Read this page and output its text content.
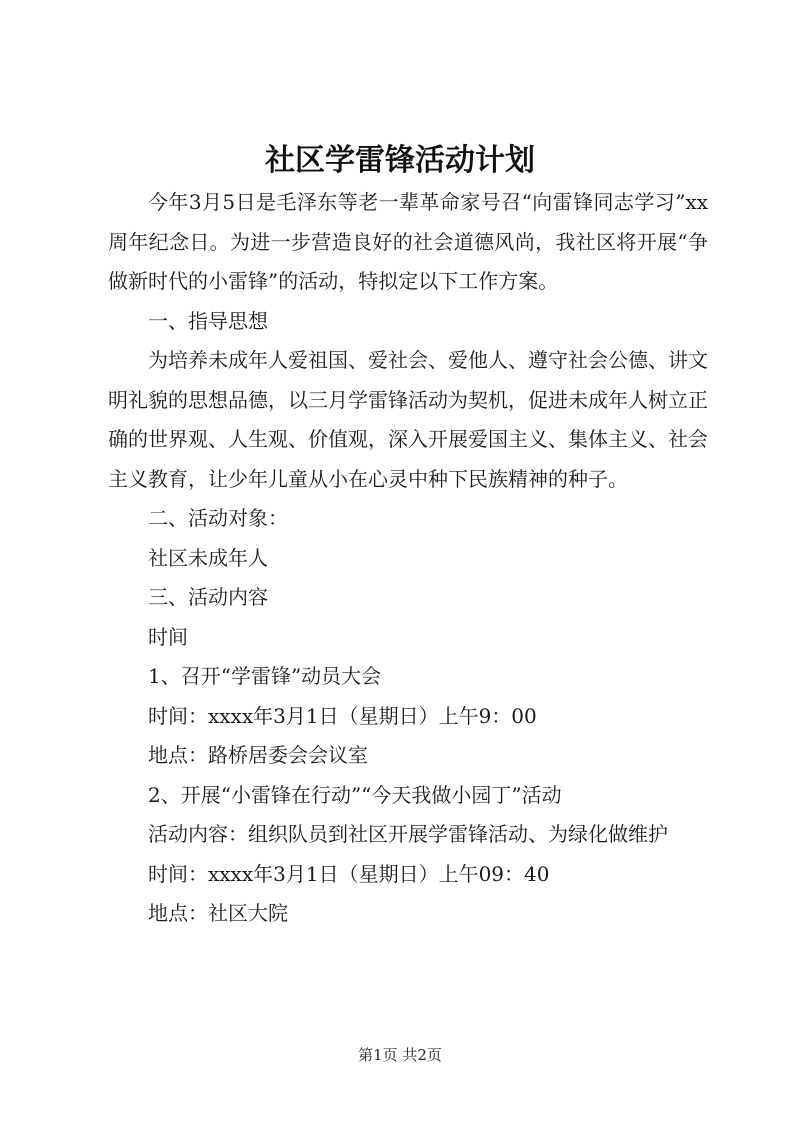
社区学雷锋活动计划

今年3月5日是毛泽东等老一辈革命家号召“向雷锋同志学习”xx周年纪念日。为进一步营造良好的社会道德风尚，我社区将开展“争做新时代的小雷锋”的活动，特拟定以下工作方案。

一、指导思想

为培养未成年人爱祖国、爱社会、爱他人、遵守社会公德、讲文明礼貌的思想品德，以三月学雷锋活动为契机，促进未成年人树立正确的世界观、人生观、价值观，深入开展爱国主义、集体主义、社会主义教育，让少年儿童从小在心灵中种下民族精神的种子。

二、活动对象：

社区未成年人

三、活动内容

时间

1、召开“学雷锋”动员大会

时间：xxxx年3月1日（星期日）上午9：00

地点：路桥居委会会议室

2、开展“小雷锋在行动”“今天我做小园丁”活动

活动内容：组织队员到社区开展学雷锋活动、为绿化做维护

时间：xxxx年3月1日（星期日）上午09：40

地点：社区大院

第1页 共2页
